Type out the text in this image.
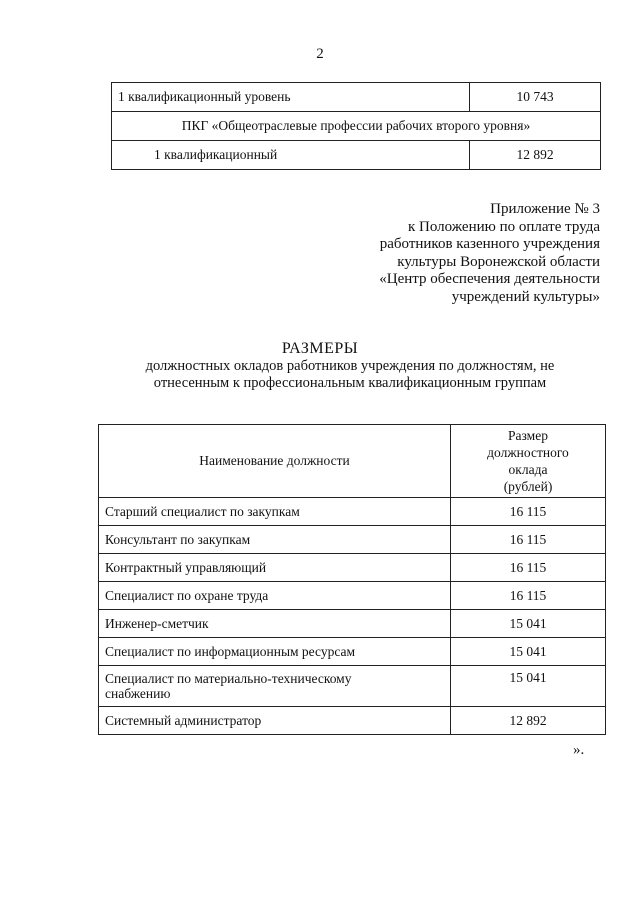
2
1 квалификационный уровень	10 743
ПКГ «Общеотраслевые профессии рабочих второго уровня»	
1 квалификационный	12 892
Приложение № 3
к Положению по оплате труда
работников казенного учреждения
культуры Воронежской области
«Центр обеспечения деятельности
учреждений культуры»
РАЗМЕРЫ
должностных окладов работников учреждения по должностям, не
отнесенным к профессиональным квалификационным группам
Наименование должности	Размер
должностного
оклада
(рублей)

Старший специалист по закупкам	16 115
Консультант по закупкам	16 115
Контрактный управляющий	16 115
Специалист по охране труда	16 115
Инженер-сметчик	15 041
Специалист по информационным ресурсам	15 041

Специалист по материально-техническому
снабжению	15 041
Системный администратор	12 892
».
